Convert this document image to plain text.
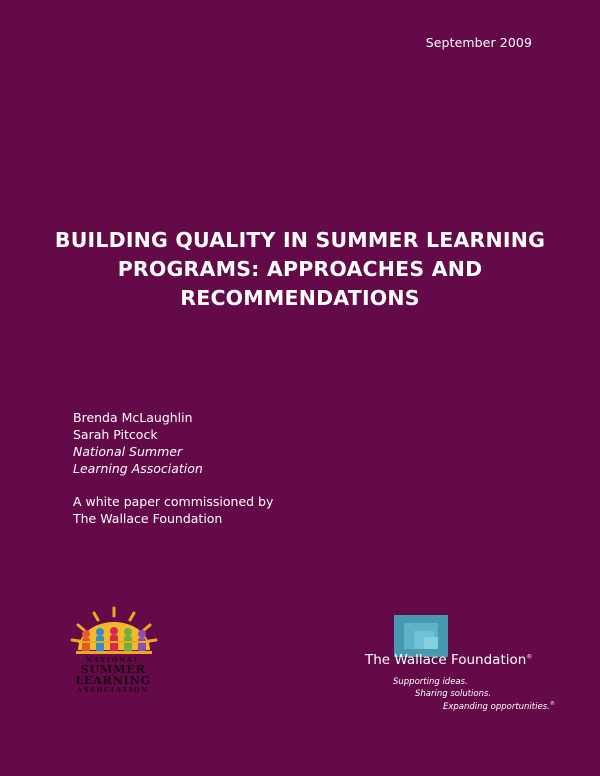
September 2009
BUILDING QUALITY IN SUMMER LEARNING
PROGRAMS: APPROACHES AND
RECOMMENDATIONS
Brenda McLaughlin
Sarah Pitcock
National Summer
Learning Association
A white paper commissioned by
The Wallace Foundation
NATIONAL
SUMMER
LEARNING
ASSOCIATION
The Wallace Foundation®
Supporting ideas.
Sharing solutions.
Expanding opportunities.®
